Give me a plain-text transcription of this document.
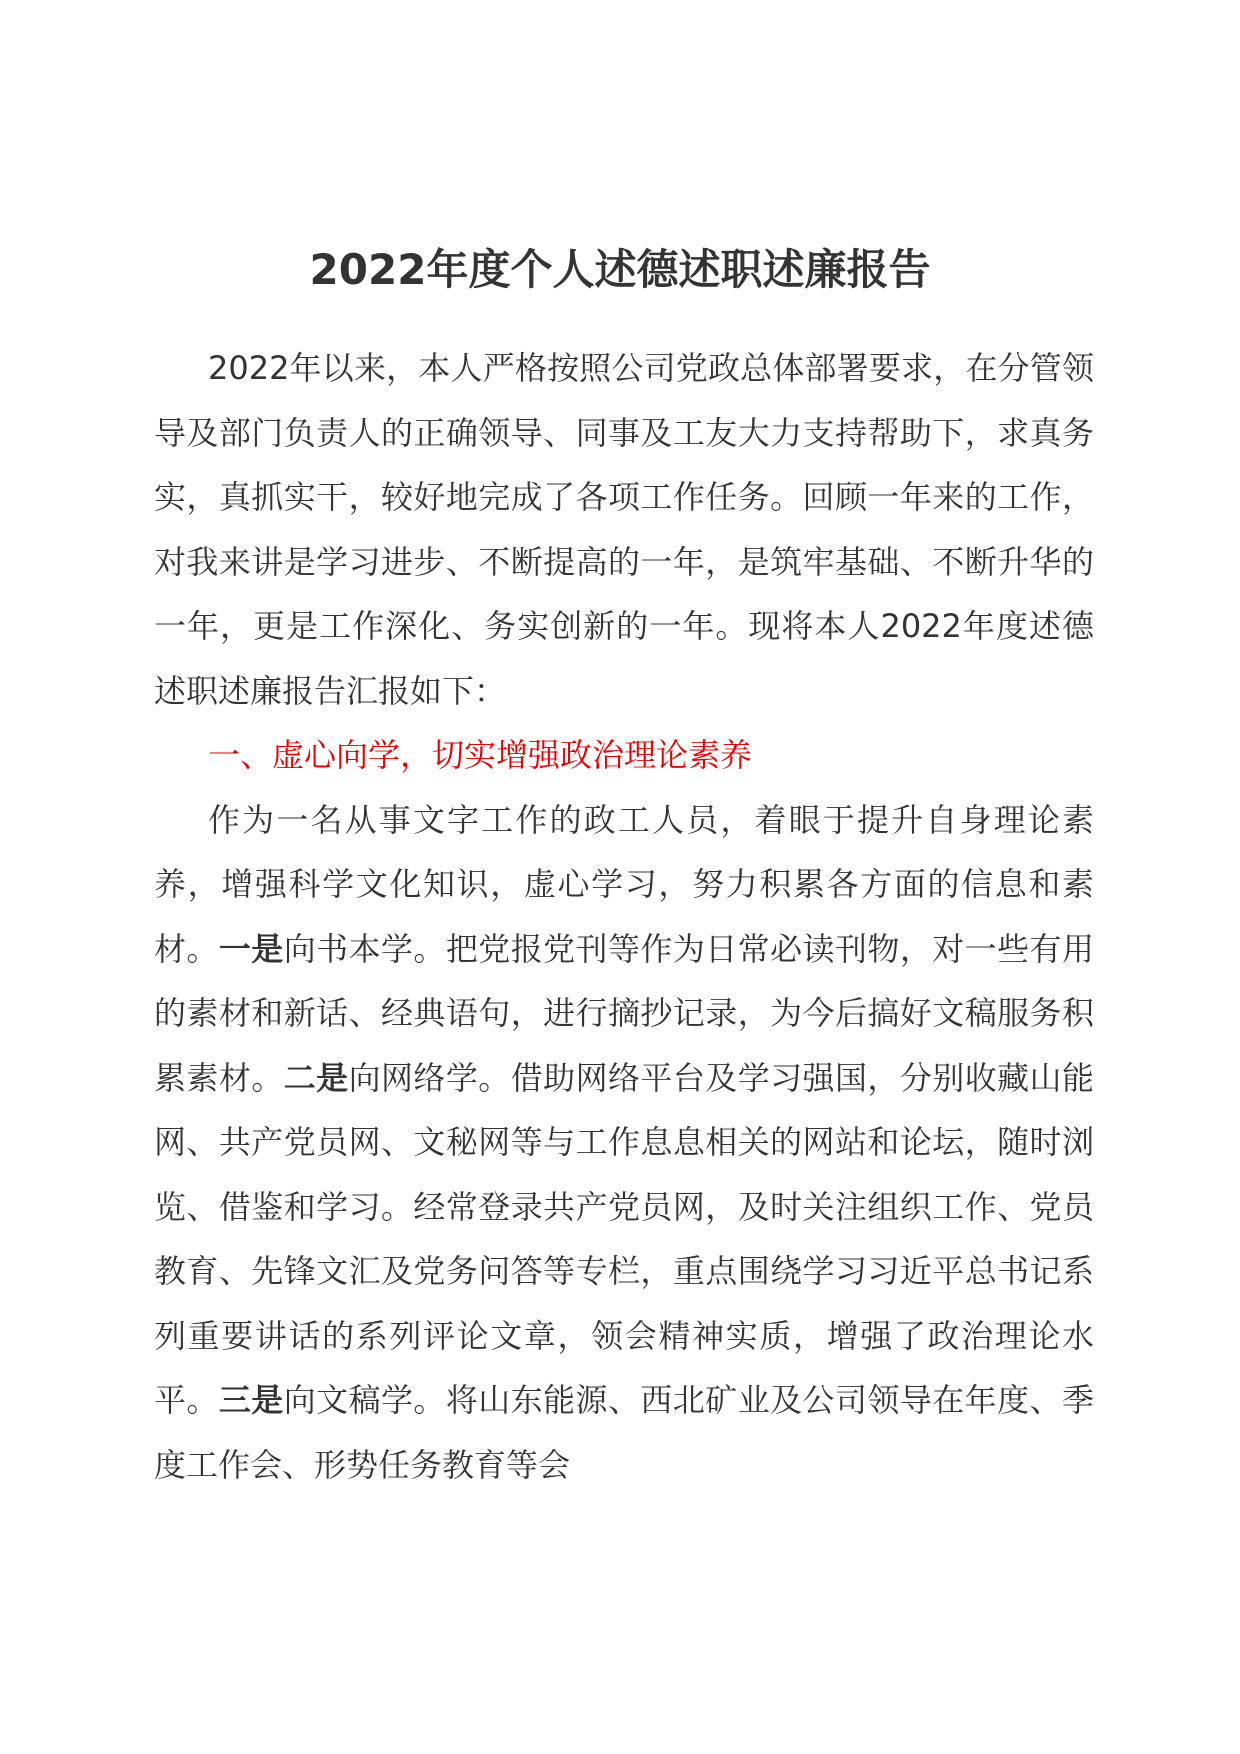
2022年度个人述德述职述廉报告

2022年以来，本人严格按照公司党政总体部署要求，在分管领导及部门负责人的正确领导、同事及工友大力支持帮助下，求真务实，真抓实干，较好地完成了各项工作任务。回顾一年来的工作，对我来讲是学习进步、不断提高的一年，是筑牢基础、不断升华的一年，更是工作深化、务实创新的一年。现将本人2022年度述德述职述廉报告汇报如下：

一、虚心向学，切实增强政治理论素养

作为一名从事文字工作的政工人员，着眼于提升自身理论素养，增强科学文化知识，虚心学习，努力积累各方面的信息和素材。一是向书本学。把党报党刊等作为日常必读刊物，对一些有用的素材和新话、经典语句，进行摘抄记录，为今后搞好文稿服务积累素材。二是向网络学。借助网络平台及学习强国，分别收藏山能网、共产党员网、文秘网等与工作息息相关的网站和论坛，随时浏览、借鉴和学习。经常登录共产党员网，及时关注组织工作、党员教育、先锋文汇及党务问答等专栏，重点围绕学习习近平总书记系列重要讲话的系列评论文章，领会精神实质，增强了政治理论水平。三是向文稿学。将山东能源、西北矿业及公司领导在年度、季度工作会、形势任务教育等会
